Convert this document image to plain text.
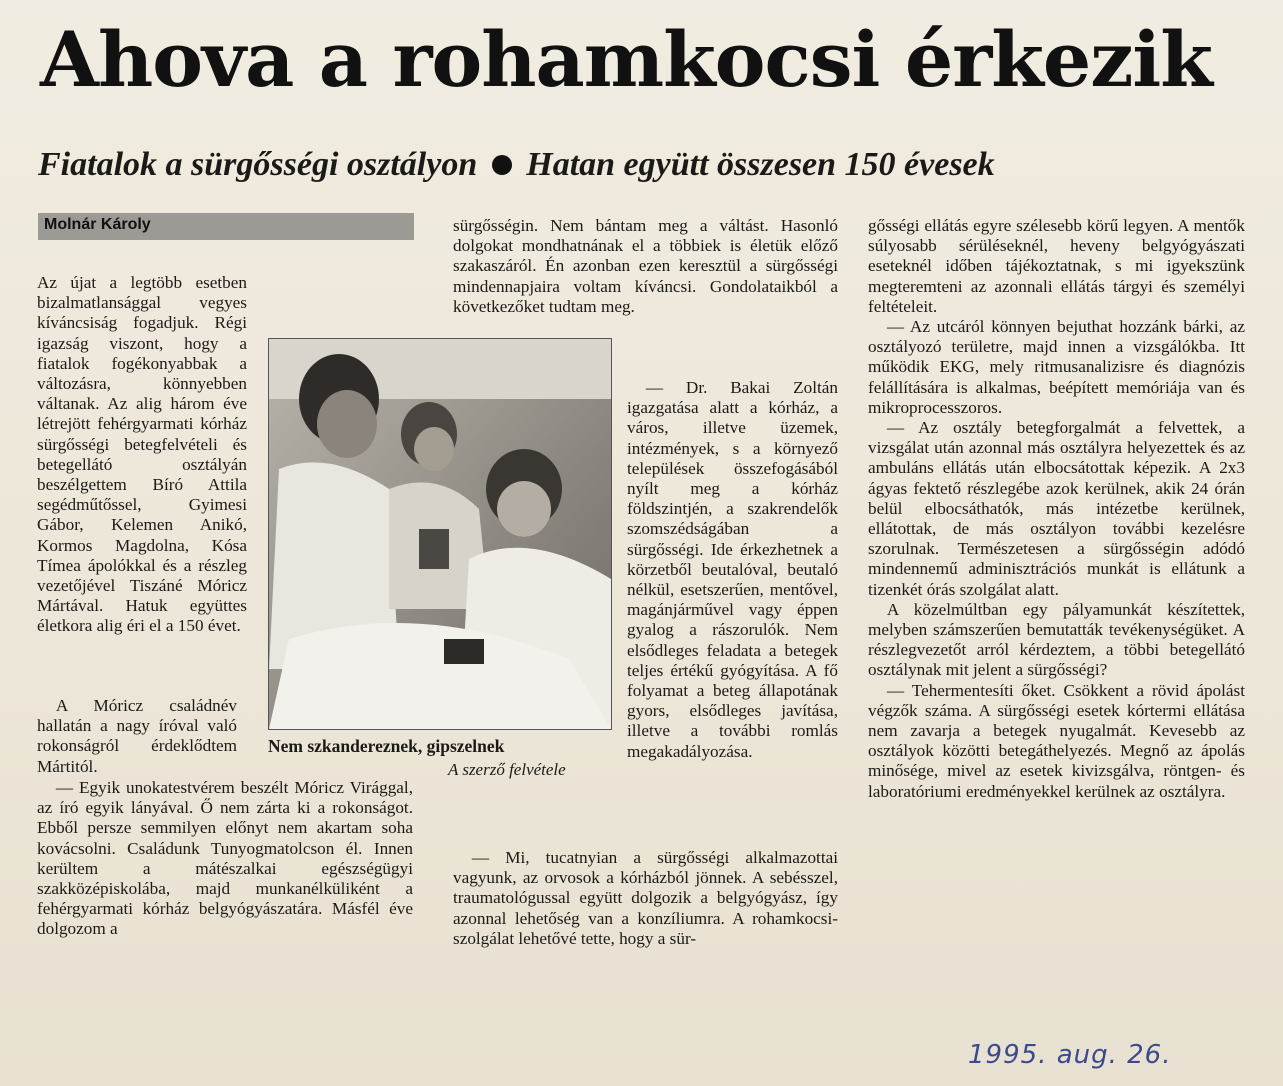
Ahova a rohamkocsi érkezik
Fiatalok a sürgősségi osztályon Hatan együtt összesen 150 évesek
Molnár Károly

Az újat a legtöbb esetben bizalmatlansággal vegyes kíváncsiság fogadjuk. Régi igazság viszont, hogy a fiatalok fogékonyabbak a változásra, könnyebben váltanak. Az alig három éve létrejött fehérgyarmati kórház sürgősségi betegfelvételi és betegellátó osztályán beszélgettem Bíró Attila segédműtőssel, Gyimesi Gábor, Kelemen Anikó, Kormos Magdolna, Kósa Tímea ápolókkal és a részleg vezetőjével Tiszáné Móricz Mártával. Hatuk együttes életkora alig éri el a 150 évet.

Nem szkandereznek, gipszelnek
A szerző felvétele

A Móricz családnév hallatán a nagy íróval való rokonságról érdeklődtem Mártitól.

— Egyik unokatestvérem beszélt Móricz Virággal, az író egyik lányával. Ő nem zárta ki a rokonságot. Ebből persze semmilyen előnyt nem akartam soha kovácsolni. Családunk Tunyogmatolcson él. Innen kerültem a mátészalkai egészségügyi szakközépiskolába, majd munkanélküliként a fehérgyarmati kórház belgyógyászatára. Másfél éve dolgozom a

sürgősségin. Nem bántam meg a váltást. Hasonló dolgokat mondhatnának el a többiek is életük előző szakaszáról. Én azonban ezen keresztül a sürgősségi mindennapjaira voltam kíváncsi. Gondolataikból a következőket tudtam meg.

— Dr. Bakai Zoltán igazgatása alatt a kórház, a város, illetve üzemek, intézmények, s a környező települések összefogásából nyílt meg a kórház földszintjén, a szakrendelők szomszédságában a sürgősségi. Ide érkezhetnek a körzetből beutalóval, beutaló nélkül, esetszerűen, mentővel, magánjárművel vagy éppen gyalog a rászorulók. Nem elsődleges feladata a betegek teljes értékű gyógyítása. A fő folyamat a beteg állapotának gyors, elsődleges javítása, illetve a további romlás megakadályozása.

— Mi, tucatnyian a sürgősségi alkalmazottai vagyunk, az orvosok a kórházból jönnek. A sebésszel, traumatológussal együtt dolgozik a belgyógyász, így azonnal lehetőség van a konzíliumra. A rohamkocsi-szolgálat lehetővé tette, hogy a sür-

gősségi ellátás egyre szélesebb körű legyen. A mentők súlyosabb sérüléseknél, heveny belgyógyászati eseteknél időben tájékoztatnak, s mi igyekszünk megteremteni az azonnali ellátás tárgyi és személyi feltételeit.

— Az utcáról könnyen bejuthat hozzánk bárki, az osztályozó területre, majd innen a vizsgálókba. Itt működik EKG, mely ritmusanalizisre és diagnózis felállítására is alkalmas, beépített memóriája van és mikroprocesszoros.

— Az osztály betegforgalmát a felvettek, a vizsgálat után azonnal más osztályra helyezettek és az ambuláns ellátás után elbocsátottak képezik. A 2x3 ágyas fektető részlegébe azok kerülnek, akik 24 órán belül elbocsáthatók, más intézetbe kerülnek, ellátottak, de más osztályon további kezelésre szorulnak. Természetesen a sürgősségin adódó mindennemű adminisztrációs munkát is ellátunk a tizenkét órás szolgálat alatt.

A közelmúltban egy pályamunkát készítettek, melyben számszerűen bemutatták tevékenységüket. A részlegvezetőt arról kérdeztem, a többi betegellátó osztálynak mit jelent a sürgősségi?

— Tehermentesíti őket. Csökkent a rövid ápolást végzők száma. A sürgősségi esetek kórtermi ellátása nem zavarja a betegek nyugalmát. Kevesebb az osztályok közötti betegáthelyezés. Megnő az ápolás minősége, mivel az esetek kivizsgálva, röntgen- és laboratóriumi eredményekkel kerülnek az osztályra.

1995. aug. 26.
